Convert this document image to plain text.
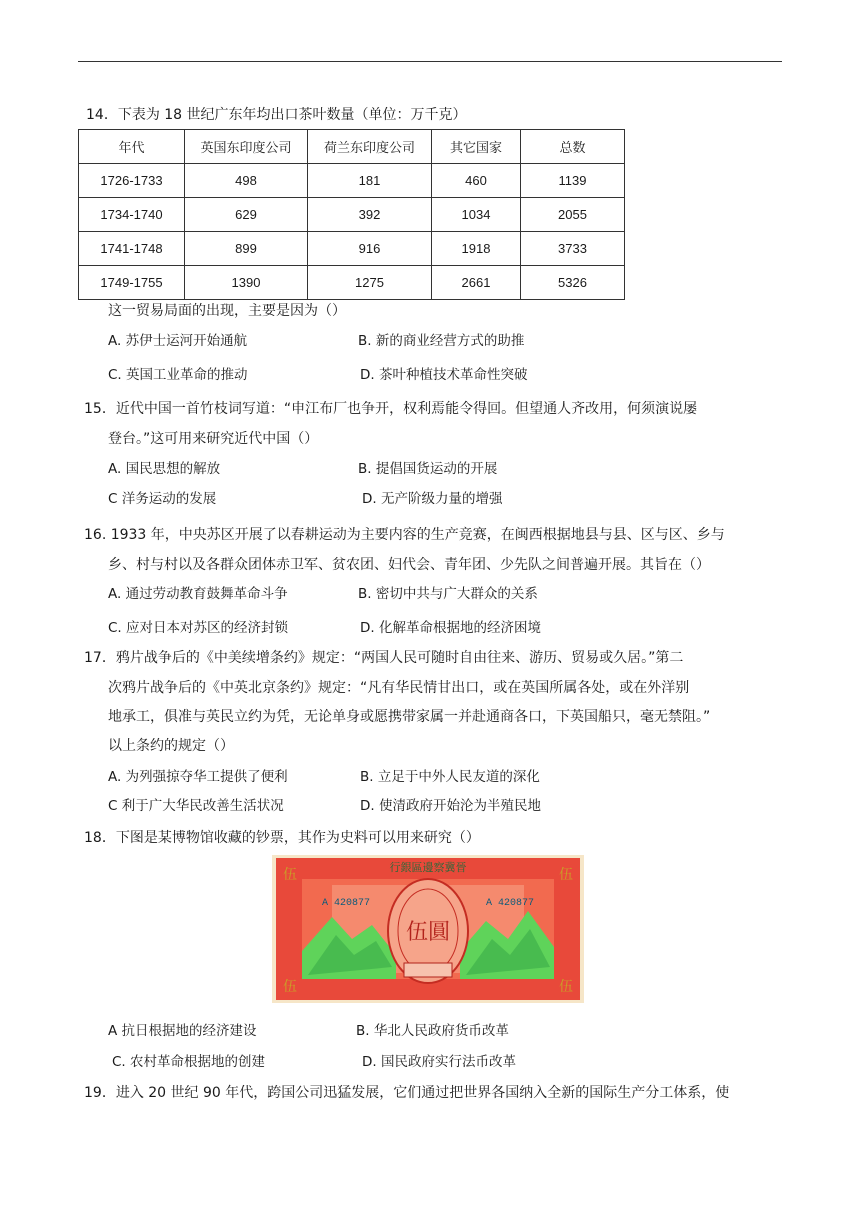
14．下表为 18 世纪广东年均出口茶叶数量（单位：万千克）
年代	英国东印度公司	荷兰东印度公司	其它国家	总数
1726-1733	498	181	460	1139
1734-1740	629	392	1034	2055
1741-1748	899	916	1918	3733
1749-1755	1390	1275	2661	5326
这一贸易局面的出现，主要是因为（）
A. 苏伊士运河开始通航	B. 新的商业经营方式的助推
C. 英国工业革命的推动	D. 茶叶种植技术革命性突破
15．近代中国一首竹枝词写道：“申江布厂也争开，权利焉能令得回。但望通人齐改用，何须演说屡
登台。”这可用来研究近代中国（）
A. 国民思想的解放	B. 提倡国货运动的开展
C 洋务运动的发展	D. 无产阶级力量的增强
16. 1933 年，中央苏区开展了以春耕运动为主要内容的生产竞赛，在闽西根据地县与县、区与区、乡与
乡、村与村以及各群众团体赤卫军、贫农团、妇代会、青年团、少先队之间普遍开展。其旨在（）
A. 通过劳动教育鼓舞革命斗争	B. 密切中共与广大群众的关系
C. 应对日本对苏区的经济封锁	D. 化解革命根据地的经济困境
17．鸦片战争后的《中美续增条约》规定：“两国人民可随时自由往来、游历、贸易或久居。”第二
次鸦片战争后的《中英北京条约》规定：“凡有华民情甘出口，或在英国所属各处，或在外洋别
地承工，俱准与英民立约为凭，无论单身或愿携带家属一并赴通商各口，下英国船只，毫无禁阻。”
以上条约的规定（）
A. 为列强掠夺华工提供了便利	B. 立足于中外人民友道的深化
C 利于广大华民改善生活状况	D. 使清政府开始沦为半殖民地
18．下图是某博物馆收藏的钞票，其作为史料可以用来研究（）
行銀區邊察冀晉
伍	伍
伍	伍
A 420877	A 420877
伍圓
A 抗日根据地的经济建设	B. 华北人民政府货币改革
C. 农村革命根据地的创建	D. 国民政府实行法币改革
19．进入 20 世纪 90 年代，跨国公司迅猛发展，它们通过把世界各国纳入全新的国际生产分工体系，使
